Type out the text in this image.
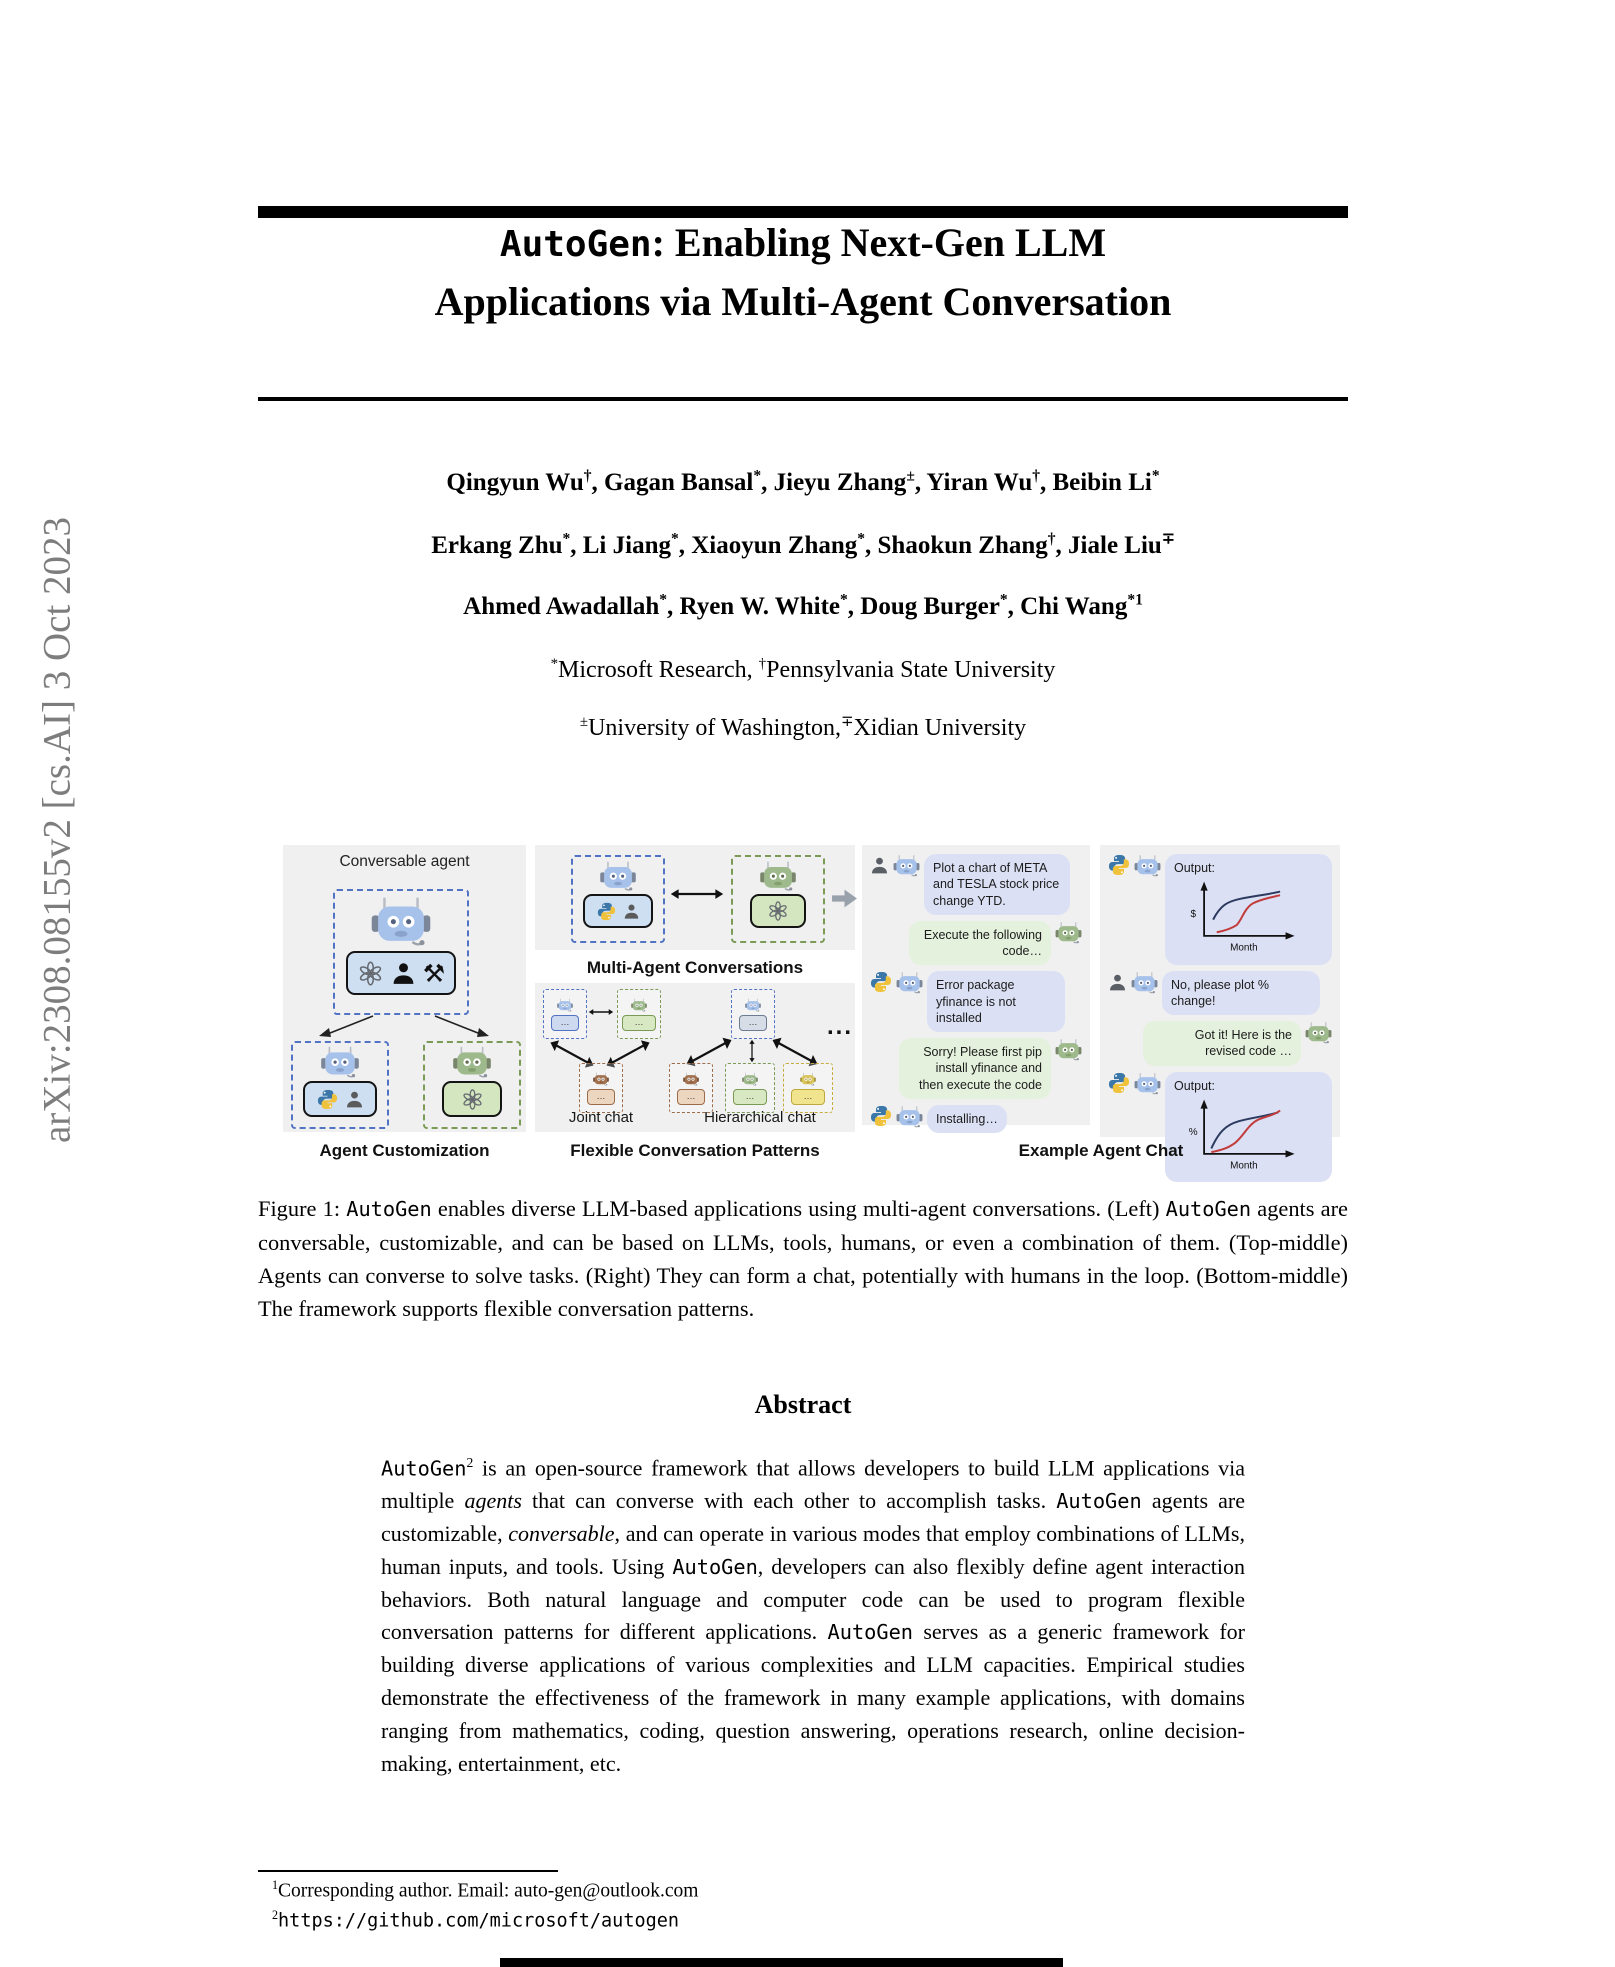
arXiv:2308.08155v2 [cs.AI] 3 Oct 2023
AutoGen: Enabling Next-Gen LLM
Applications via Multi-Agent Conversation
Qingyun Wu†, Gagan Bansal*, Jieyu Zhang±, Yiran Wu†, Beibin Li*
Erkang Zhu*, Li Jiang*, Xiaoyun Zhang*, Shaokun Zhang†, Jiale Liu∓
Ahmed Awadallah*, Ryen W. White*, Doug Burger*, Chi Wang$^{*1}$
*Microsoft Research, †Pennsylvania State University
±University of Washington,∓Xidian University
Conversable agent
⚒
Agent Customization
Multi-Agent Conversations
…	…
…
Joint chat
…
…	…	…
Hierarchical chat
...
Flexible Conversation Patterns
Plot a chart of META and TESLA stock price change YTD.
Execute the following code…
Error package yfinance is not installed
Sorry! Please first pip install yfinance and then execute the code
Installing…
Output:
$
Month
No, please plot % change!
Got it! Here is the revised code …
Output:
%
Month
Example Agent Chat
Figure 1: AutoGen enables diverse LLM-based applications using multi-agent conversations. (Left) AutoGen agents are conversable, customizable, and can be based on LLMs, tools, humans, or even a combination of them. (Top-middle) Agents can converse to solve tasks. (Right) They can form a chat, potentially with humans in the loop. (Bottom-middle) The framework supports flexible conversation patterns.
Abstract
AutoGen$^2$ is an open-source framework that allows developers to build LLM applications via multiple agents that can converse with each other to accomplish tasks. AutoGen agents are customizable, conversable, and can operate in various modes that employ combinations of LLMs, human inputs, and tools. Using AutoGen, developers can also flexibly define agent interaction behaviors. Both natural language and computer code can be used to program flexible conversation patterns for different applications. AutoGen serves as a generic framework for building diverse applications of various complexities and LLM capacities. Empirical studies demonstrate the effectiveness of the framework in many example applications, with domains ranging from mathematics, coding, question answering, operations research, online decision-making, entertainment, etc.
$^1$Corresponding author. Email: auto-gen@outlook.com
$^2$https://github.com/microsoft/autogen
